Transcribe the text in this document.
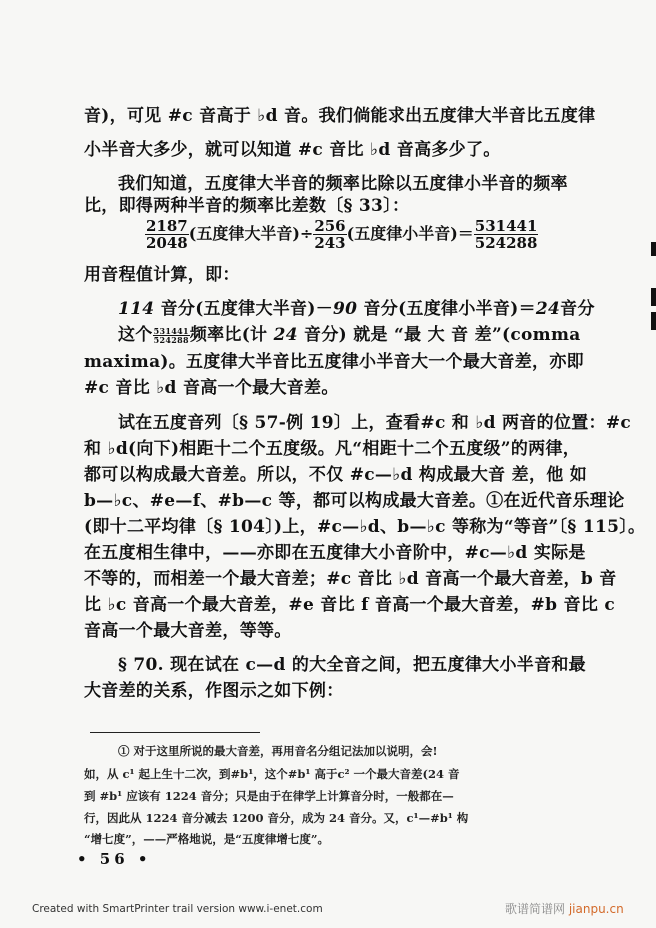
音)，可见 #c 音高于 ♭d 音。我们倘能求出五度律大半音比五度律
小半音大多少，就可以知道 #c 音比 ♭d 音高多少了。
我们知道，五度律大半音的频率比除以五度律小半音的频率
比，即得两种半音的频率比差数〔§ 33〕：
$\frac{2187}{2048}$ (五度律大半音)÷ $\frac{256}{243}$ (五度律小半音)＝ $\frac{531441}{524288}$
用音程值计算，即：
114 音分(五度律大半音)－90 音分(五度律小半音)＝24音分
这个 $\frac{531441}{524288}$ 频率比(计 24 音分) 就是 “最 大 音 差”(comma
maxima)。五度律大半音比五度律小半音大一个最大音差，亦即
#c 音比 ♭d 音高一个最大音差。
试在五度音列〔§ 57-例 19〕上，查看#c 和 ♭d 两音的位置：#c
和 ♭d(向下)相距十二个五度级。凡“相距十二个五度级”的两律，
都可以构成最大音差。所以，不仅 #c—♭d 构成最大音 差，他 如
b—♭c、#e—f、#b—c 等，都可以构成最大音差。①在近代音乐理论
(即十二平均律〔§ 104〕)上，#c—♭d、b—♭c 等称为“等音”〔§ 115〕。
在五度相生律中，——亦即在五度律大小音阶中，#c—♭d 实际是
不等的，而相差一个最大音差；#c 音比 ♭d 音高一个最大音差，b 音
比 ♭c 音高一个最大音差，#e 音比 f 音高一个最大音差，#b 音比 c
音高一个最大音差，等等。
§ 70. 现在试在 c—d 的大全音之间，把五度律大小半音和最
大音差的关系，作图示之如下例：
① 对于这里所说的最大音差，再用音名分组记法加以说明，会!
如，从 c¹ 起上生十二次，到#b¹，这个#b¹ 高于c² 一个最大音差(24 音
到 #b¹ 应该有 1224 音分；只是由于在律学上计算音分时，一般都在—
行，因此从 1224 音分减去 1200 音分，成为 24 音分。又，c¹—#b¹ 构
“增七度”，——严格地说，是“五度律增七度”。
• 56 •
Created with SmartPrinter trail version www.i-enet.com	歌谱简谱网 jianpu.cn
